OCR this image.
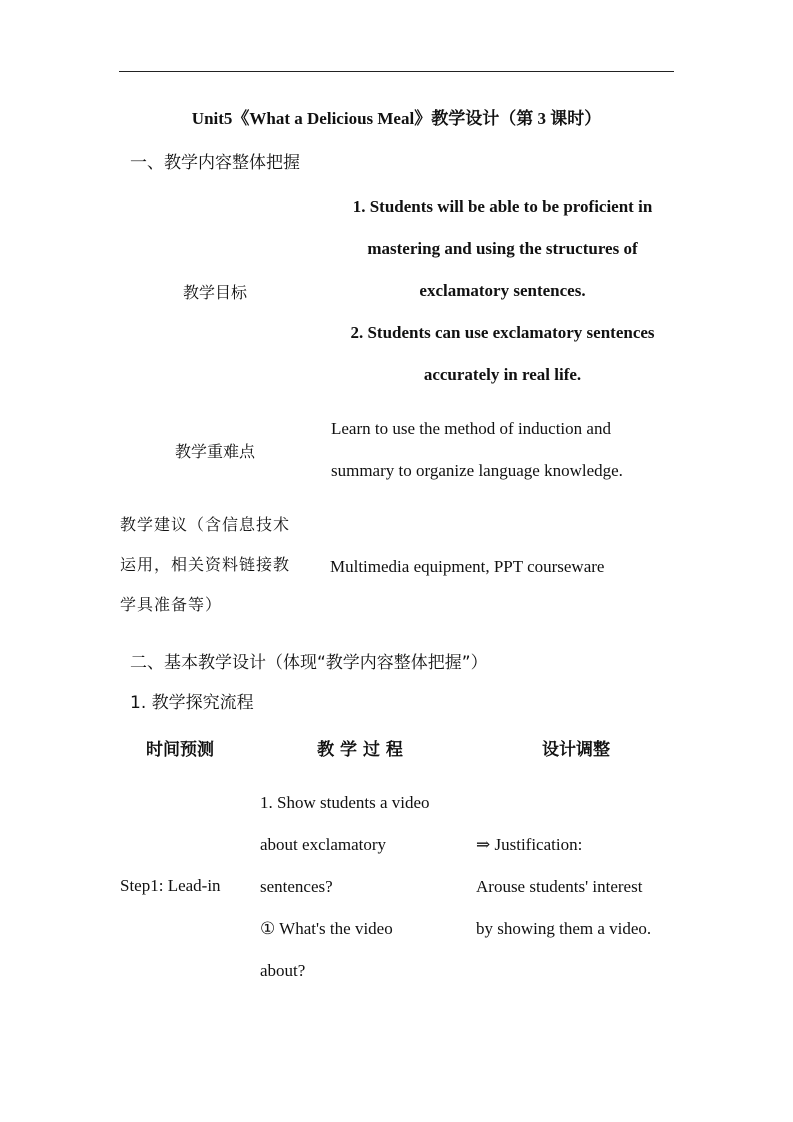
Unit5《What a Delicious Meal》教学设计（第 3 课时）
一、教学内容整体把握
教学目标
1. Students will be able to be proficient in
mastering and using the structures of
exclamatory sentences.
2. Students can use exclamatory sentences
accurately in real life.
教学重难点
Learn to use the method of induction and
summary to organize language knowledge.
教学建议（含信息技术
运用，相关资料链接教
学具准备等）
Multimedia equipment, PPT courseware
二、基本教学设计（体现“教学内容整体把握”）
1. 教学探究流程
时间预测	教 学 过 程	设计调整
Step1: Lead-in
1. Show students a video
about exclamatory
sentences?
① What's the video
about?
⇒ Justification:
Arouse students' interest
by showing them a video.
